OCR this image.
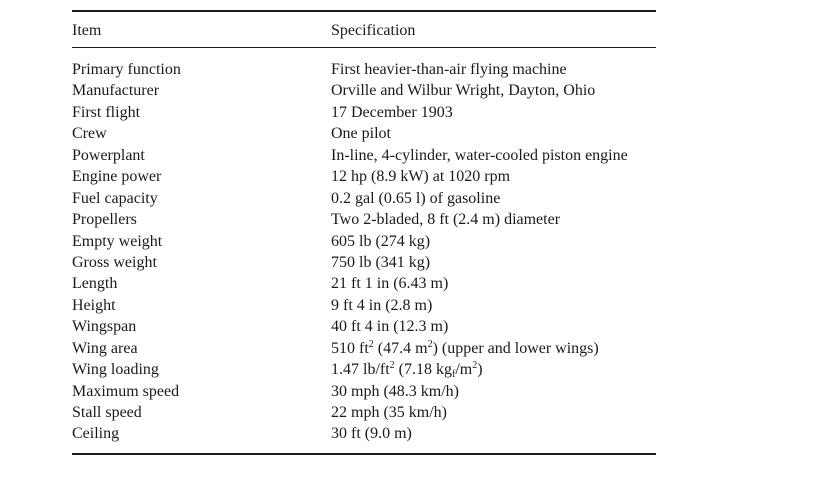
Item	Specification
Primary function	First heavier-than-air flying machine
Manufacturer	Orville and Wilbur Wright, Dayton, Ohio
First flight	17 December 1903
Crew	One pilot
Powerplant	In-line, 4-cylinder, water-cooled piston engine
Engine power	12 hp (8.9 kW) at 1020 rpm
Fuel capacity	0.2 gal (0.65 l) of gasoline
Propellers	Two 2-bladed, 8 ft (2.4 m) diameter
Empty weight	605 lb (274 kg)
Gross weight	750 lb (341 kg)
Length	21 ft 1 in (6.43 m)
Height	9 ft 4 in (2.8 m)
Wingspan	40 ft 4 in (12.3 m)
Wing area	510 $ft^2$ (47.4 $m^2$) (upper and lower wings)
Wing loading	1.47 $lb/ft^2$ (7.18 $kg_f/m^2$)
Maximum speed	30 mph (48.3 km/h)
Stall speed	22 mph (35 km/h)
Ceiling	30 ft (9.0 m)
